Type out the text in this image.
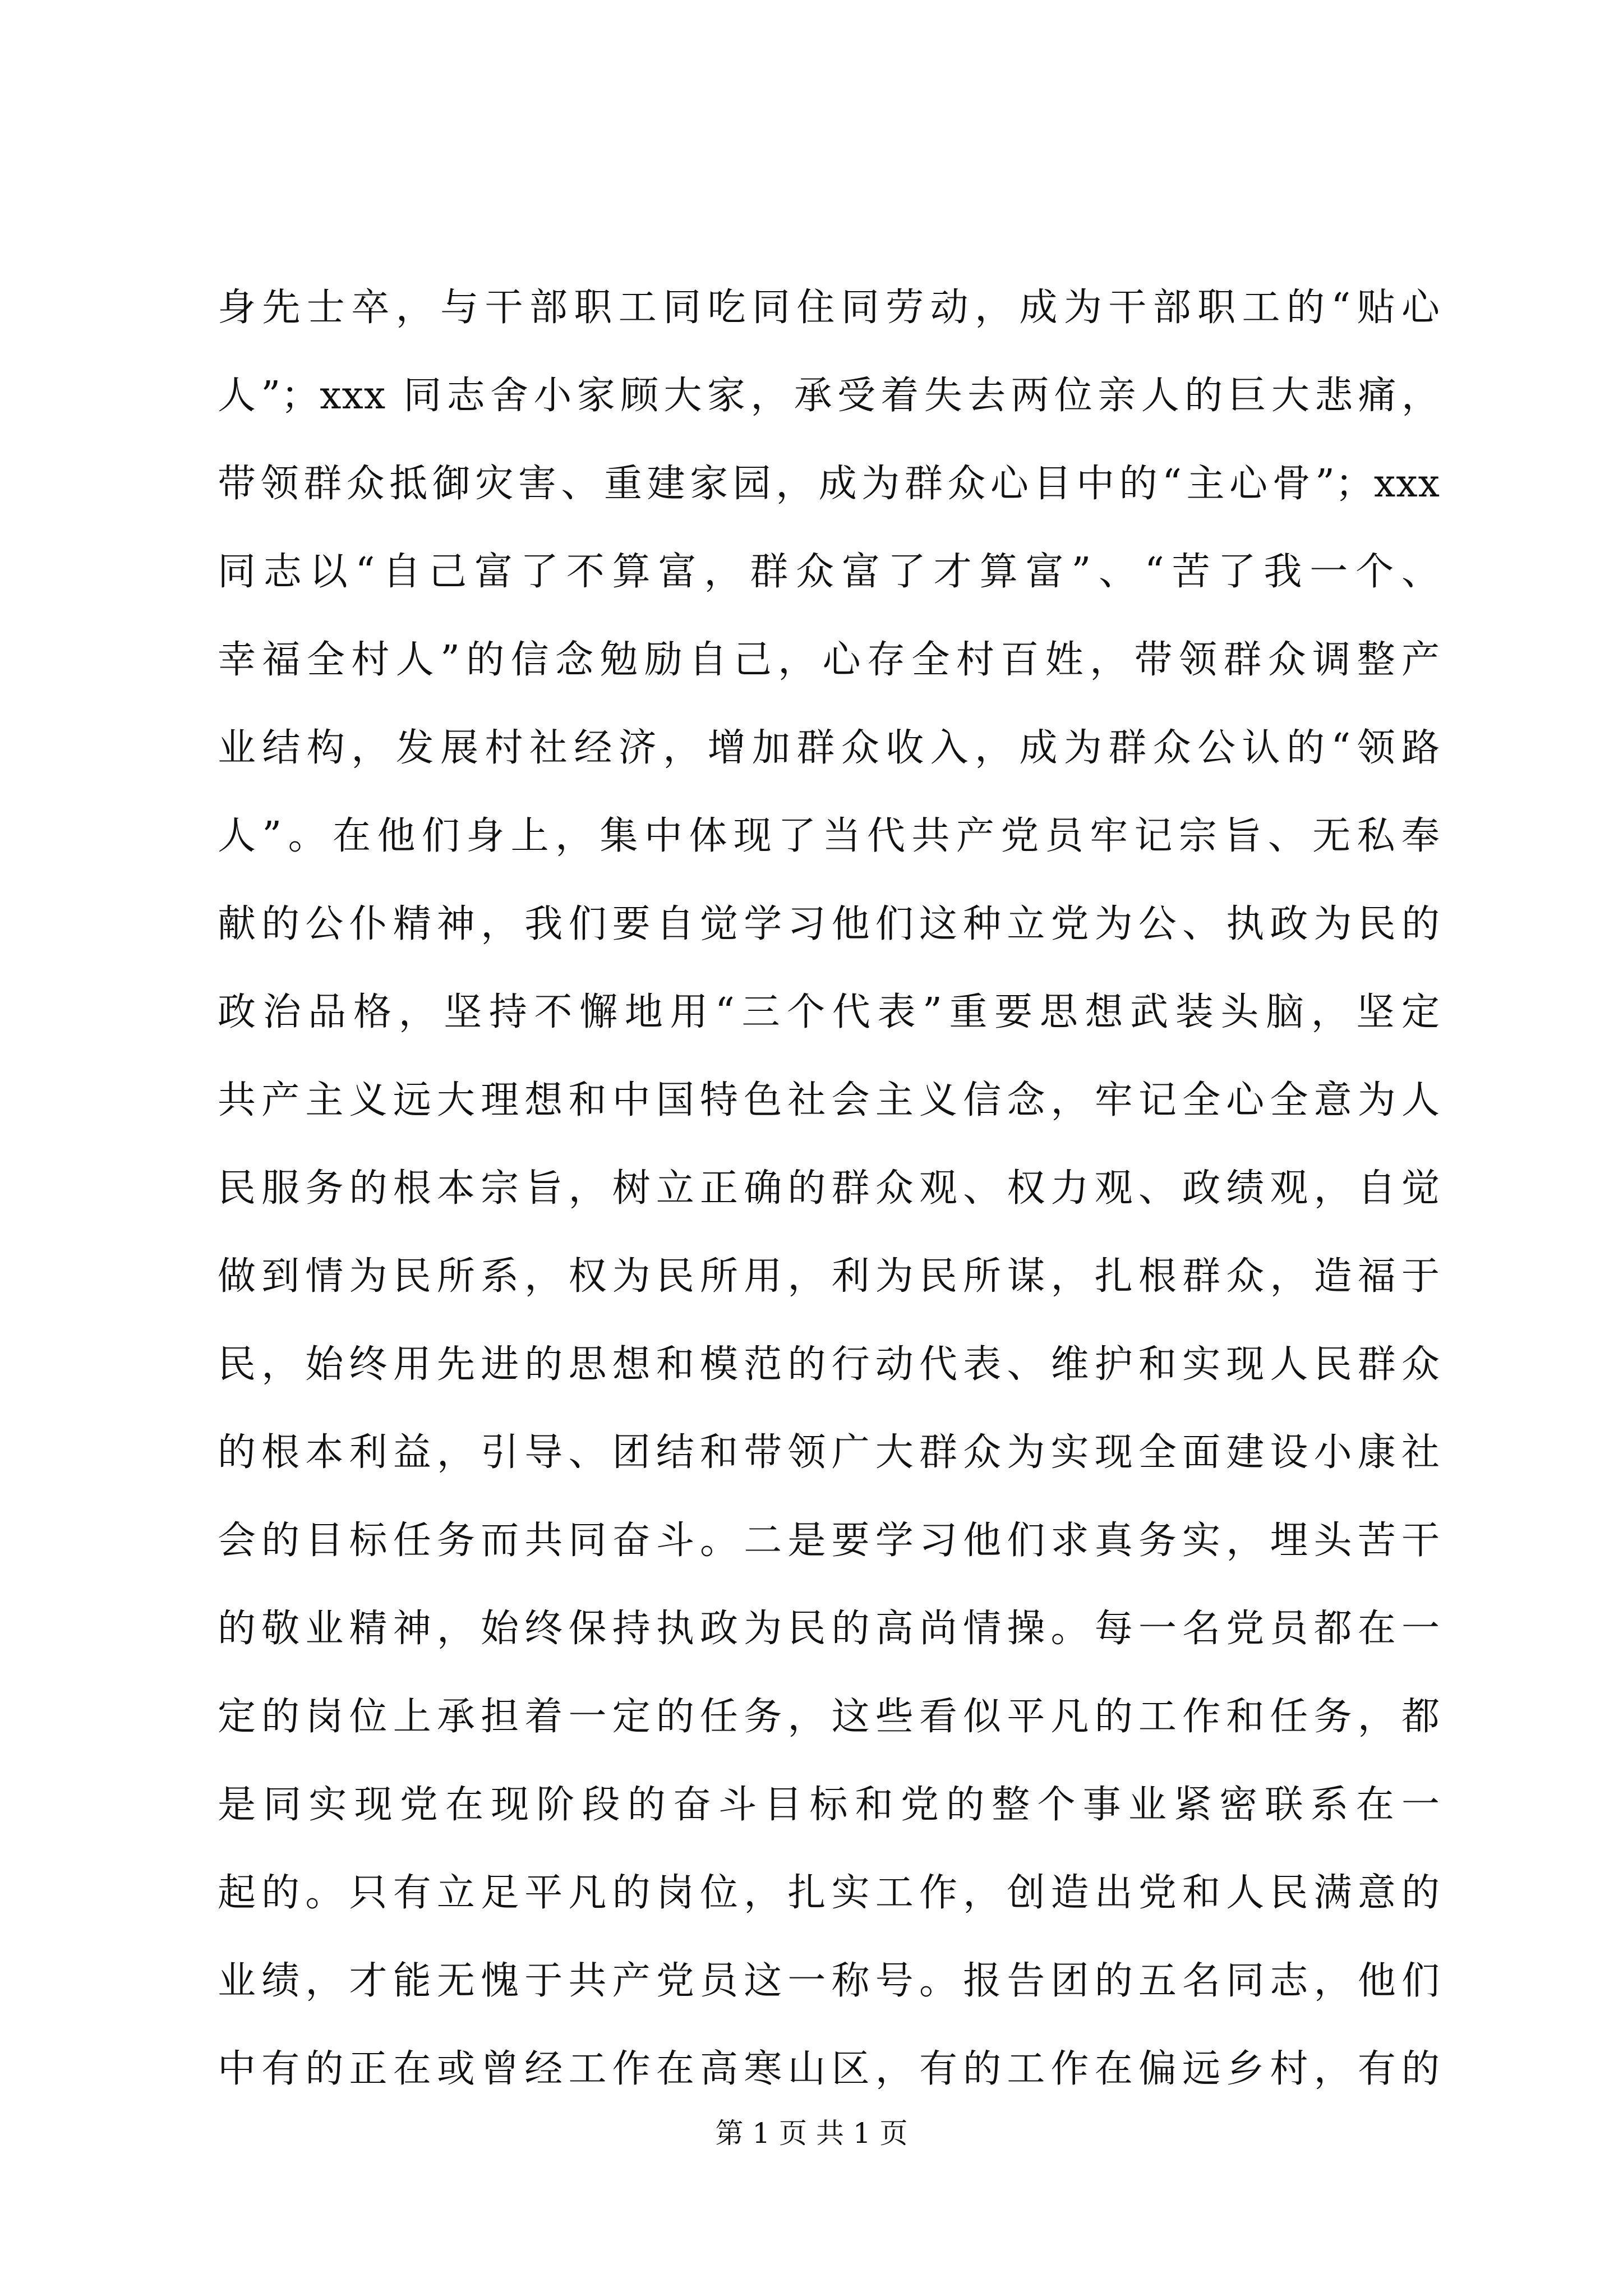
身先士卒，与干部职工同吃同住同劳动，成为干部职工的“贴心
人”；xxx 同志舍小家顾大家，承受着失去两位亲人的巨大悲痛，
带领群众抵御灾害、重建家园，成为群众心目中的“主心骨”；xxx
同志以“自己富了不算富，群众富了才算富”、“苦了我一个、
幸福全村人”的信念勉励自己，心存全村百姓，带领群众调整产
业结构，发展村社经济，增加群众收入，成为群众公认的“领路
人”。在他们身上，集中体现了当代共产党员牢记宗旨、无私奉
献的公仆精神，我们要自觉学习他们这种立党为公、执政为民的
政治品格，坚持不懈地用“三个代表”重要思想武装头脑，坚定
共产主义远大理想和中国特色社会主义信念，牢记全心全意为人
民服务的根本宗旨，树立正确的群众观、权力观、政绩观，自觉
做到情为民所系，权为民所用，利为民所谋，扎根群众，造福于
民，始终用先进的思想和模范的行动代表、维护和实现人民群众
的根本利益，引导、团结和带领广大群众为实现全面建设小康社
会的目标任务而共同奋斗。二是要学习他们求真务实，埋头苦干
的敬业精神，始终保持执政为民的高尚情操。每一名党员都在一
定的岗位上承担着一定的任务，这些看似平凡的工作和任务，都
是同实现党在现阶段的奋斗目标和党的整个事业紧密联系在一
起的。只有立足平凡的岗位，扎实工作，创造出党和人民满意的
业绩，才能无愧于共产党员这一称号。报告团的五名同志，他们
中有的正在或曾经工作在高寒山区，有的工作在偏远乡村，有的
第 1 页 共 1 页
